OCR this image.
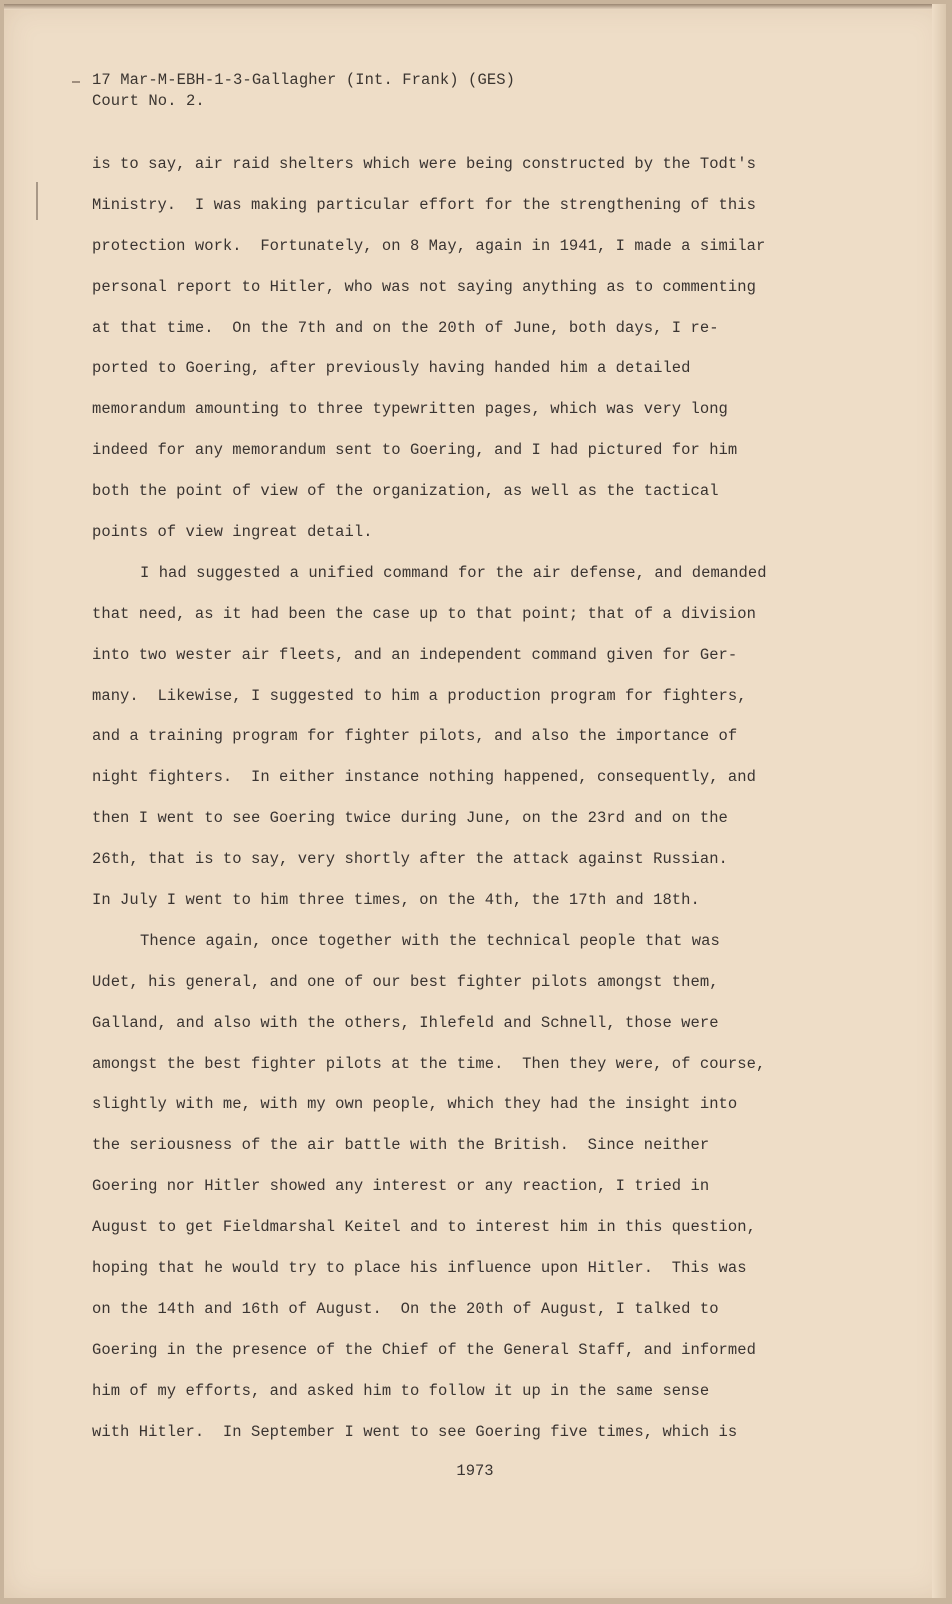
17 Mar-M-EBH-1-3-Gallagher (Int. Frank) (GES)
Court No. 2.
is to say, air raid shelters which were being constructed by the Todt's
Ministry.  I was making particular effort for the strengthening of this
protection work.  Fortunately, on 8 May, again in 1941, I made a similar
personal report to Hitler, who was not saying anything as to commenting
at that time.  On the 7th and on the 20th of June, both days, I re-
ported to Goering, after previously having handed him a detailed
memorandum amounting to three typewritten pages, which was very long
indeed for any memorandum sent to Goering, and I had pictured for him
both the point of view of the organization, as well as the tactical
points of view ingreat detail.
I had suggested a unified command for the air defense, and demanded
that need, as it had been the case up to that point; that of a division
into two wester air fleets, and an independent command given for Ger-
many.  Likewise, I suggested to him a production program for fighters,
and a training program for fighter pilots, and also the importance of
night fighters.  In either instance nothing happened, consequently, and
then I went to see Goering twice during June, on the 23rd and on the
26th, that is to say, very shortly after the attack against Russian.
In July I went to him three times, on the 4th, the 17th and 18th.
Thence again, once together with the technical people that was
Udet, his general, and one of our best fighter pilots amongst them,
Galland, and also with the others, Ihlefeld and Schnell, those were
amongst the best fighter pilots at the time.  Then they were, of course,
slightly with me, with my own people, which they had the insight into
the seriousness of the air battle with the British.  Since neither
Goering nor Hitler showed any interest or any reaction, I tried in
August to get Fieldmarshal Keitel and to interest him in this question,
hoping that he would try to place his influence upon Hitler.  This was
on the 14th and 16th of August.  On the 20th of August, I talked to
Goering in the presence of the Chief of the General Staff, and informed
him of my efforts, and asked him to follow it up in the same sense
with Hitler.  In September I went to see Goering five times, which is
1973
